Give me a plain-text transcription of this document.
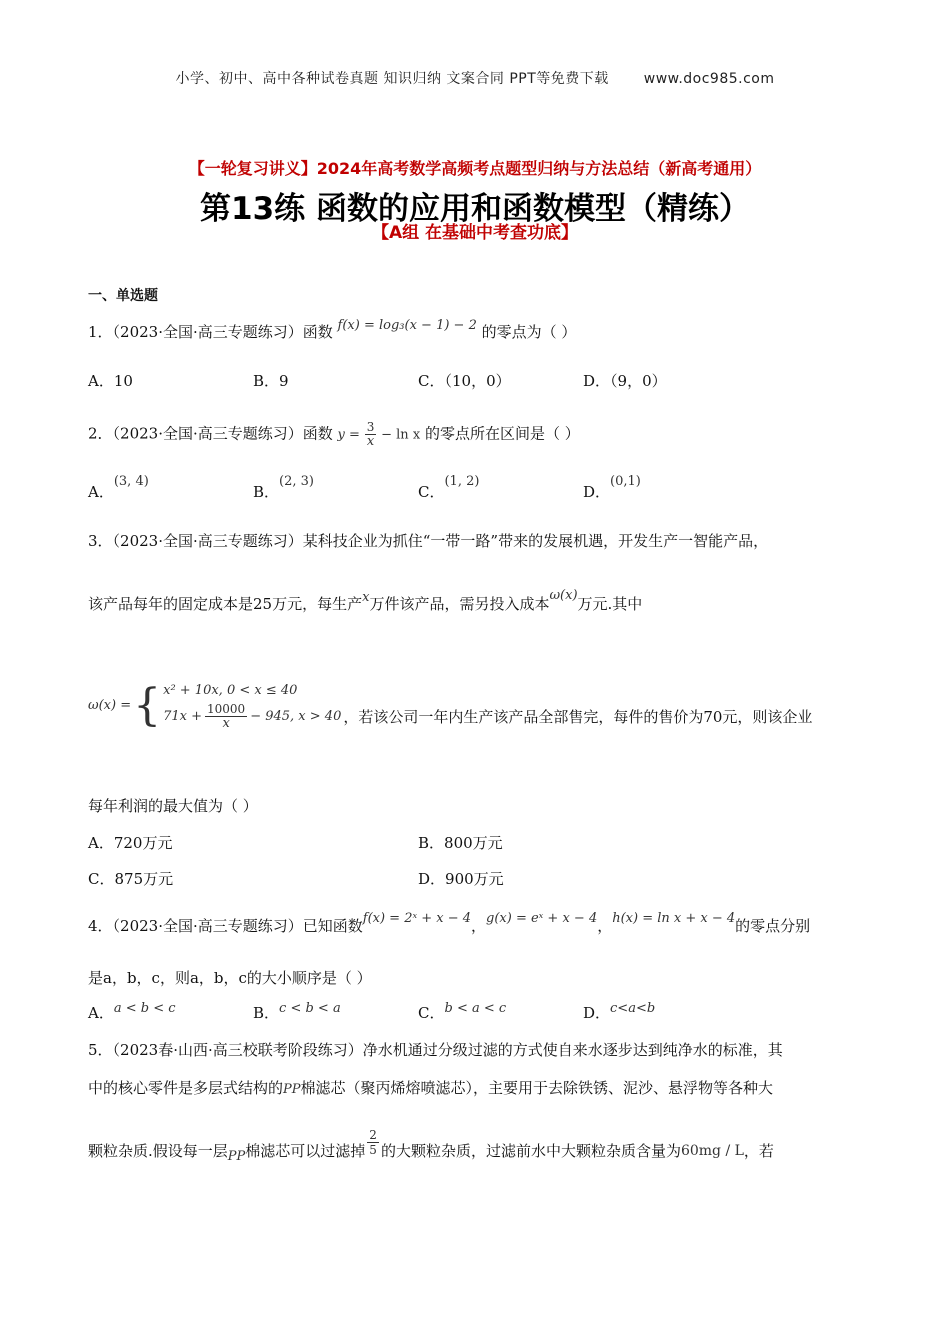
小学、初中、高中各种试卷真题 知识归纳 文案合同 PPT等免费下载 www.doc985.com
【一轮复习讲义】2024年高考数学高频考点题型归纳与方法总结（新高考通用）
第13练 函数的应用和函数模型（精练）
【A组 在基础中考查功底】
一、单选题
1．（2023·全国·高三专题练习）函数 f(x) = log₃(x − 1) − 2 的零点为（ ）
A．10	B．9	C．（10，0）	D．（9，0）
2．（2023·全国·高三专题练习）函数 $y = \frac{3}{x} - \ln x$ 的零点所在区间是（ ）
A．(3, 4)
B．(2, 3)
C．(1, 2)
D．(0,1)
3．（2023·全国·高三专题练习）某科技企业为抓住“一带一路”带来的发展机遇，开发生产一智能产品，
该产品每年的固定成本是25万元，每生产x万件该产品，需另投入成本ω(x)万元.其中
ω(x) = { x² + 10x, 0 < x ≤ 40
$71x + \frac{10000}{x} - 945$, x > 40 ，若该公司一年内生产该产品全部售完，每件的售价为70元，则该企业
每年利润的最大值为（ ）
A．720万元	B．800万元
C．875万元	D．900万元
4．（2023·全国·高三专题练习）已知函数f(x) = 2ˣ + x − 4，g(x) = eˣ + x − 4，h(x) = ln x + x − 4的零点分别
是a，b，c，则a，b，c的大小顺序是（ ）
A．a < b < c	B．c < b < a	C．b < a < c	D．c<a<b
5．（2023春·山西·高三校联考阶段练习）净水机通过分级过滤的方式使自来水逐步达到纯净水的标准，其
中的核心零件是多层式结构的PP棉滤芯（聚丙烯熔喷滤芯），主要用于去除铁锈、泥沙、悬浮物等各种大
颗粒杂质.假设每一层 PP 棉滤芯可以过滤掉 $\frac{2}{5}$ 的大颗粒杂质，过滤前水中大颗粒杂质含量为 60mg / L ，若
